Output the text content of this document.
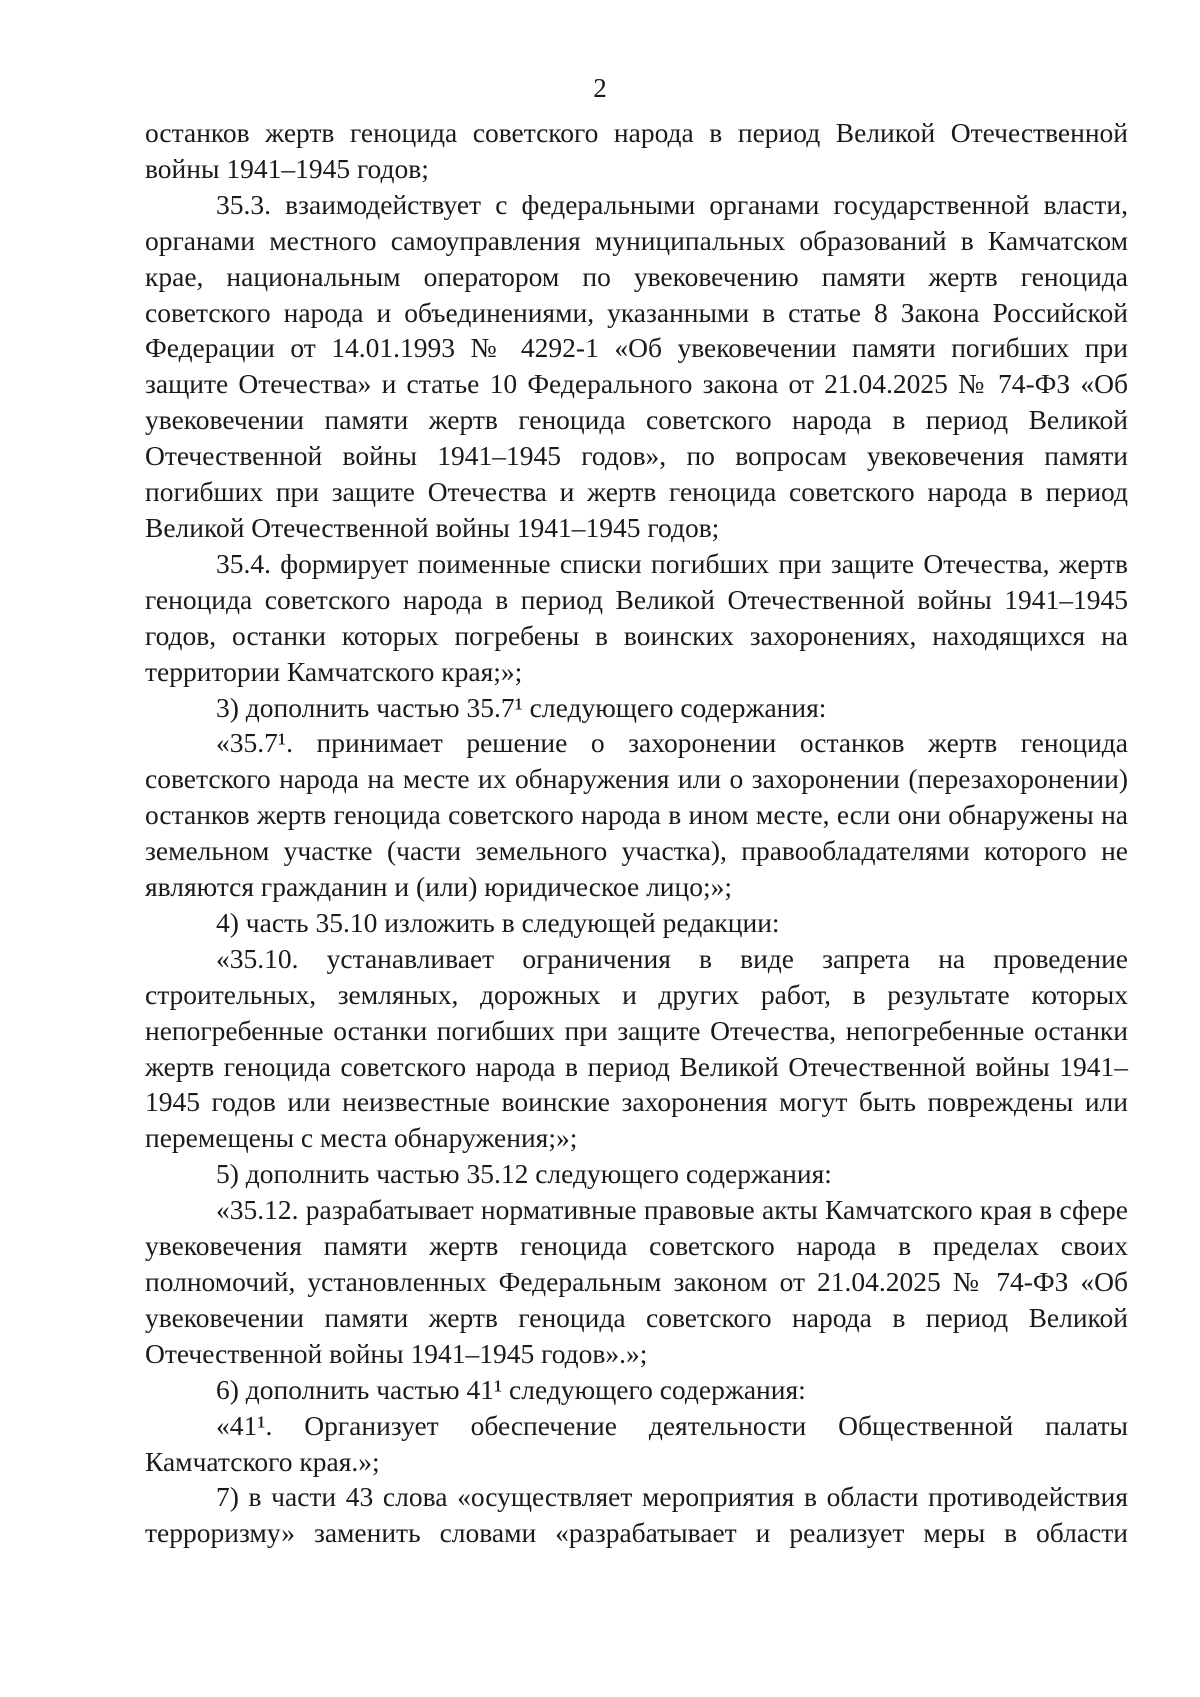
2

останков жертв геноцида советского народа в период Великой Отечественной войны 1941–1945 годов;

35.3. взаимодействует с федеральными органами государственной власти, органами местного самоуправления муниципальных образований в Камчатском крае, национальным оператором по увековечению памяти жертв геноцида советского народа и объединениями, указанными в статье 8 Закона Российской Федерации от 14.01.1993 № 4292-1 «Об увековечении памяти погибших при защите Отечества» и статье 10 Федерального закона от 21.04.2025 № 74-ФЗ «Об увековечении памяти жертв геноцида советского народа в период Великой Отечественной войны 1941–1945 годов», по вопросам увековечения памяти погибших при защите Отечества и жертв геноцида советского народа в период Великой Отечественной войны 1941–1945 годов;

35.4. формирует поименные списки погибших при защите Отечества, жертв геноцида советского народа в период Великой Отечественной войны 1941–1945 годов, останки которых погребены в воинских захоронениях, находящихся на территории Камчатского края;»;

3) дополнить частью 35.7¹ следующего содержания:

«35.7¹. принимает решение о захоронении останков жертв геноцида советского народа на месте их обнаружения или о захоронении (перезахоронении) останков жертв геноцида советского народа в ином месте, если они обнаружены на земельном участке (части земельного участка), правообладателями которого не являются гражданин и (или) юридическое лицо;»;

4) часть 35.10 изложить в следующей редакции:

«35.10. устанавливает ограничения в виде запрета на проведение строительных, земляных, дорожных и других работ, в результате которых непогребенные останки погибших при защите Отечества, непогребенные останки жертв геноцида советского народа в период Великой Отечественной войны 1941–1945 годов или неизвестные воинские захоронения могут быть повреждены или перемещены с места обнаружения;»;

5) дополнить частью 35.12 следующего содержания:

«35.12. разрабатывает нормативные правовые акты Камчатского края в сфере увековечения памяти жертв геноцида советского народа в пределах своих полномочий, установленных Федеральным законом от 21.04.2025 № 74-ФЗ «Об увековечении памяти жертв геноцида советского народа в период Великой Отечественной войны 1941–1945 годов».»;

6) дополнить частью 41¹ следующего содержания:

«41¹. Организует обеспечение деятельности Общественной палаты Камчатского края.»;

7) в части 43 слова «осуществляет мероприятия в области противодействия терроризму» заменить словами «разрабатывает и реализует меры в области
